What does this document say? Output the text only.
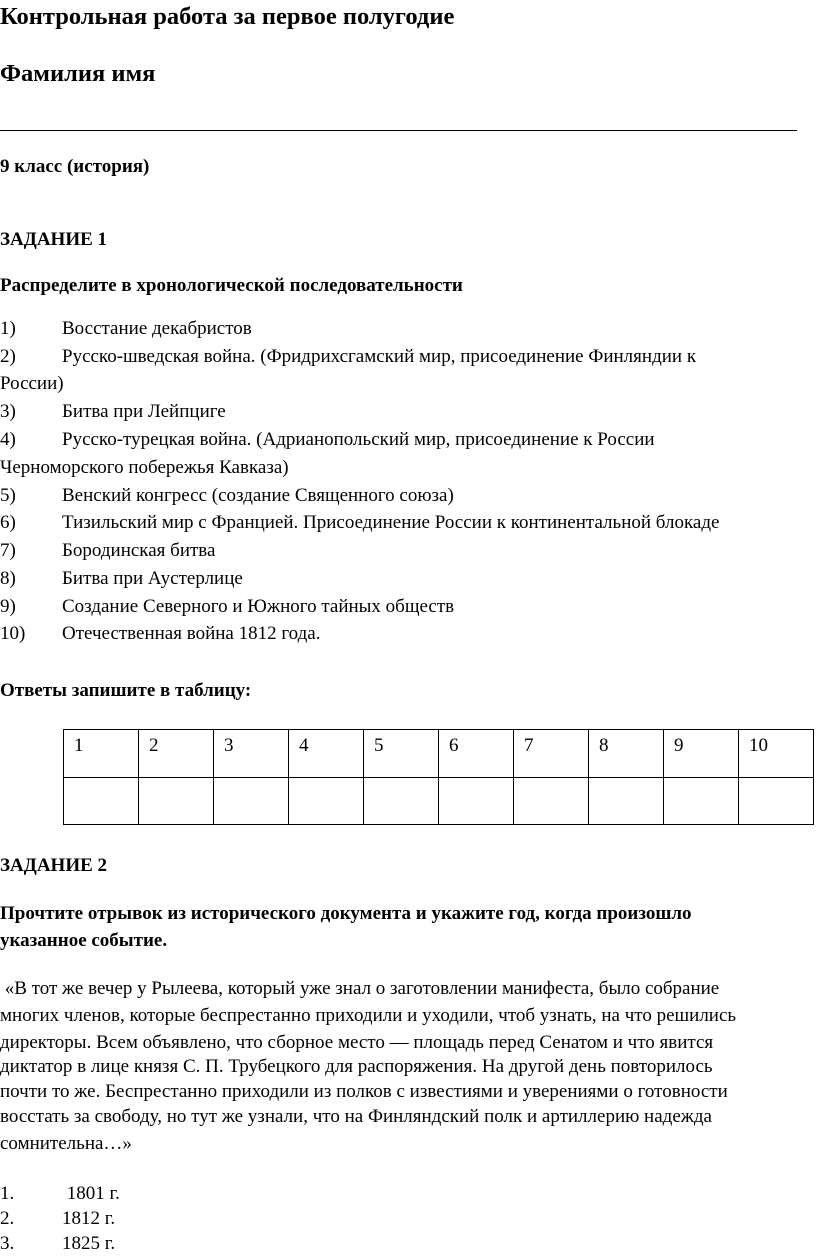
Контрольная работа за первое полугодие
Фамилия имя
9 класс (история)
ЗАДАНИЕ 1
Распределите в хронологической последовательности
1) Восстание декабристов
2) Русско-шведская война. (Фридрихсгамский мир, присоединение Финляндии к
России)
3) Битва при Лейпциге
4) Русско-турецкая война. (Адрианопольский мир, присоединение к России
Черноморского побережья Кавказа)
5) Венский конгресс (создание Священного союза)
6) Тизильский мир с Францией. Присоединение России к континентальной блокаде
7) Бородинская битва
8) Битва при Аустерлице
9) Создание Северного и Южного тайных обществ
10) Отечественная война 1812 года.
Ответы запишите в таблицу:
1	2	3	4	5	6	7	8	9	10

ЗАДАНИЕ 2
Прочтите отрывок из исторического документа и укажите год, когда произошло
указанное событие.
«В тот же вечер у Рылеева, который уже знал о заготовлении манифеста, было собрание
многих членов, которые беспрестанно приходили и уходили, чтоб узнать, на что решились
директоры. Всем объявлено, что сборное место — площадь перед Сенатом и что явится
диктатор в лице князя С. П. Трубецкого для распоряжения. На другой день повторилось
почти то же. Беспрестанно приходили из полков с известиями и уверениями о готовности
восстать за свободу, но тут же узнали, что на Финляндский полк и артиллерию надежда
сомнительна…»
1.	1801 г.
2.	1812 г.
3.	1825 г.
